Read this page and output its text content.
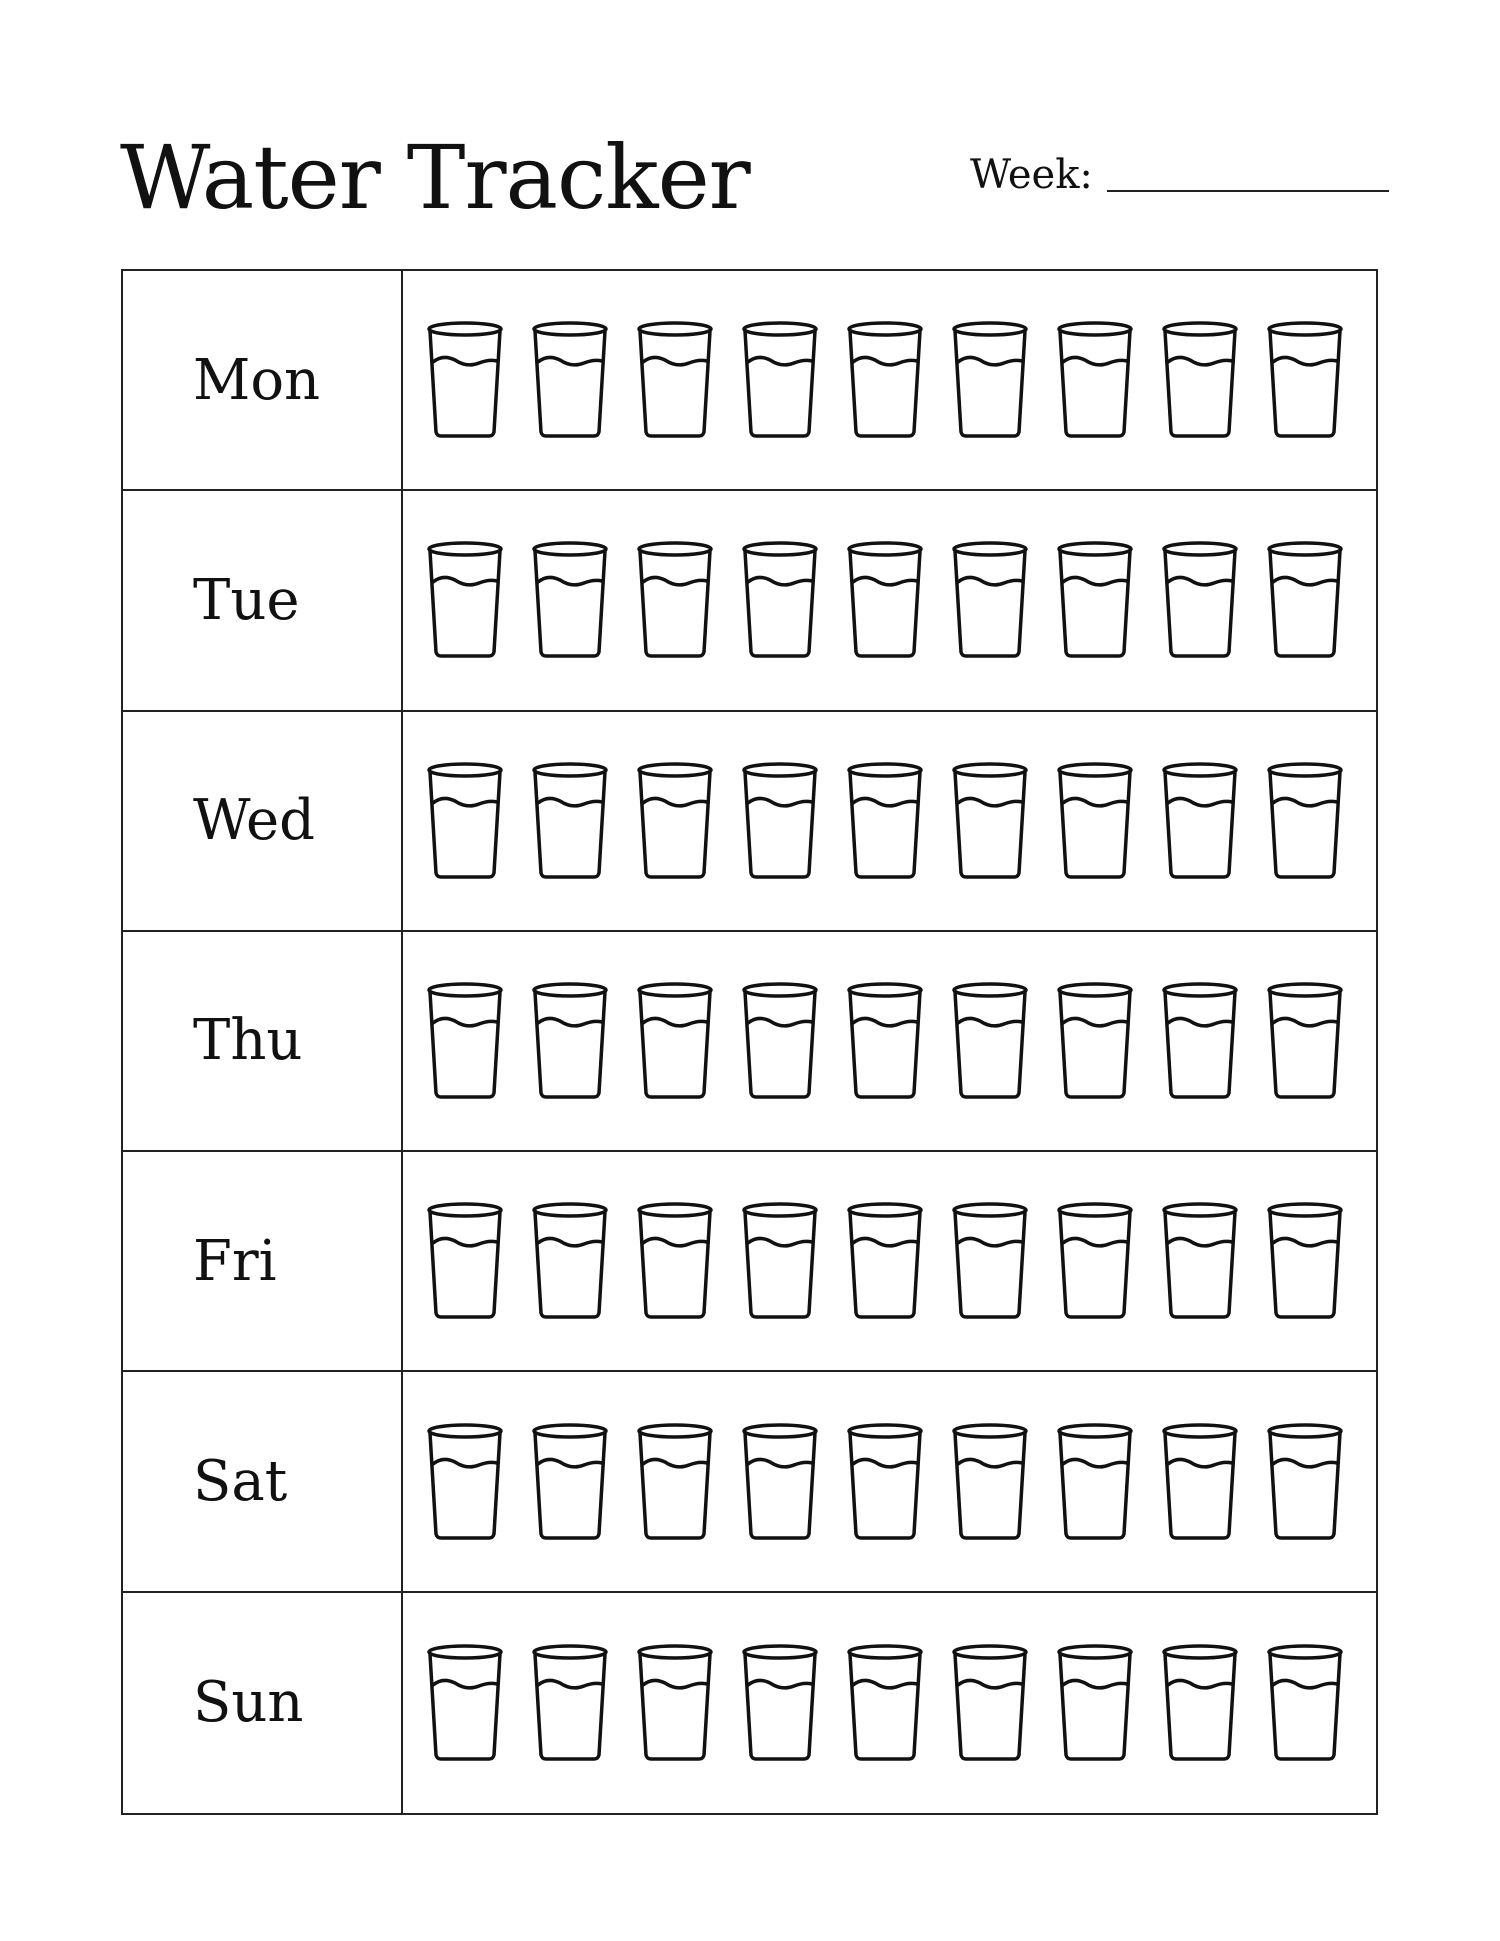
Water Tracker	Week:
Mon
Tue
Wed
Thu
Fri
Sat
Sun
